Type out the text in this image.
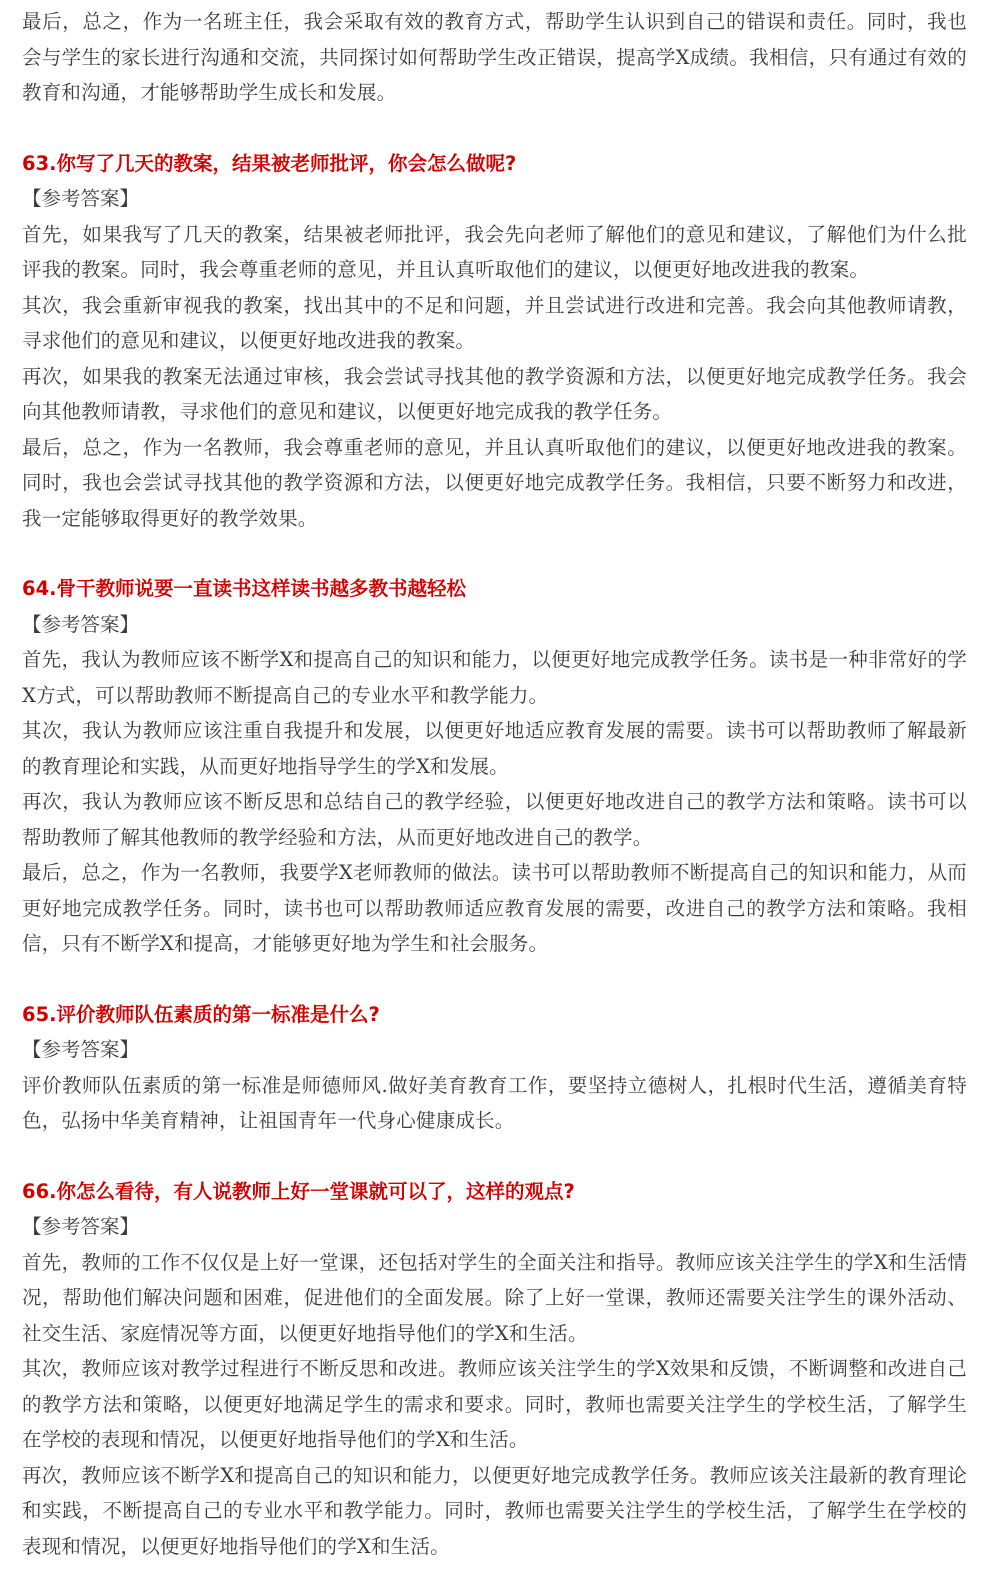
最后，总之，作为一名班主任，我会采取有效的教育方式，帮助学生认识到自己的错误和责任。同时，我也会与学生的家长进行沟通和交流，共同探讨如何帮助学生改正错误，提高学X成绩。我相信，只有通过有效的教育和沟通，才能够帮助学生成长和发展。

63.你写了几天的教案，结果被老师批评，你会怎么做呢?

【参考答案】

首先，如果我写了几天的教案，结果被老师批评，我会先向老师了解他们的意见和建议，了解他们为什么批评我的教案。同时，我会尊重老师的意见，并且认真听取他们的建议，以便更好地改进我的教案。

其次，我会重新审视我的教案，找出其中的不足和问题，并且尝试进行改进和完善。我会向其他教师请教，寻求他们的意见和建议，以便更好地改进我的教案。

再次，如果我的教案无法通过审核，我会尝试寻找其他的教学资源和方法，以便更好地完成教学任务。我会向其他教师请教，寻求他们的意见和建议，以便更好地完成我的教学任务。

最后，总之，作为一名教师，我会尊重老师的意见，并且认真听取他们的建议，以便更好地改进我的教案。同时，我也会尝试寻找其他的教学资源和方法，以便更好地完成教学任务。我相信，只要不断努力和改进，我一定能够取得更好的教学效果。

64.骨干教师说要一直读书这样读书越多教书越轻松

【参考答案】

首先，我认为教师应该不断学X和提高自己的知识和能力，以便更好地完成教学任务。读书是一种非常好的学X方式，可以帮助教师不断提高自己的专业水平和教学能力。

其次，我认为教师应该注重自我提升和发展，以便更好地适应教育发展的需要。读书可以帮助教师了解最新的教育理论和实践，从而更好地指导学生的学X和发展。

再次，我认为教师应该不断反思和总结自己的教学经验，以便更好地改进自己的教学方法和策略。读书可以帮助教师了解其他教师的教学经验和方法，从而更好地改进自己的教学。

最后，总之，作为一名教师，我要学X老师教师的做法。读书可以帮助教师不断提高自己的知识和能力，从而更好地完成教学任务。同时，读书也可以帮助教师适应教育发展的需要，改进自己的教学方法和策略。我相信，只有不断学X和提高，才能够更好地为学生和社会服务。

65.评价教师队伍素质的第一标准是什么?

【参考答案】

评价教师队伍素质的第一标准是师德师风.做好美育教育工作，要坚持立德树人，扎根时代生活，遵循美育特色，弘扬中华美育精神，让祖国青年一代身心健康成长。

66.你怎么看待，有人说教师上好一堂课就可以了，这样的观点?

【参考答案】

首先，教师的工作不仅仅是上好一堂课，还包括对学生的全面关注和指导。教师应该关注学生的学X和生活情况，帮助他们解决问题和困难，促进他们的全面发展。除了上好一堂课，教师还需要关注学生的课外活动、社交生活、家庭情况等方面，以便更好地指导他们的学X和生活。

其次，教师应该对教学过程进行不断反思和改进。教师应该关注学生的学X效果和反馈，不断调整和改进自己的教学方法和策略，以便更好地满足学生的需求和要求。同时，教师也需要关注学生的学校生活，了解学生在学校的表现和情况，以便更好地指导他们的学X和生活。

再次，教师应该不断学X和提高自己的知识和能力，以便更好地完成教学任务。教师应该关注最新的教育理论和实践，不断提高自己的专业水平和教学能力。同时，教师也需要关注学生的学校生活，了解学生在学校的表现和情况，以便更好地指导他们的学X和生活。
